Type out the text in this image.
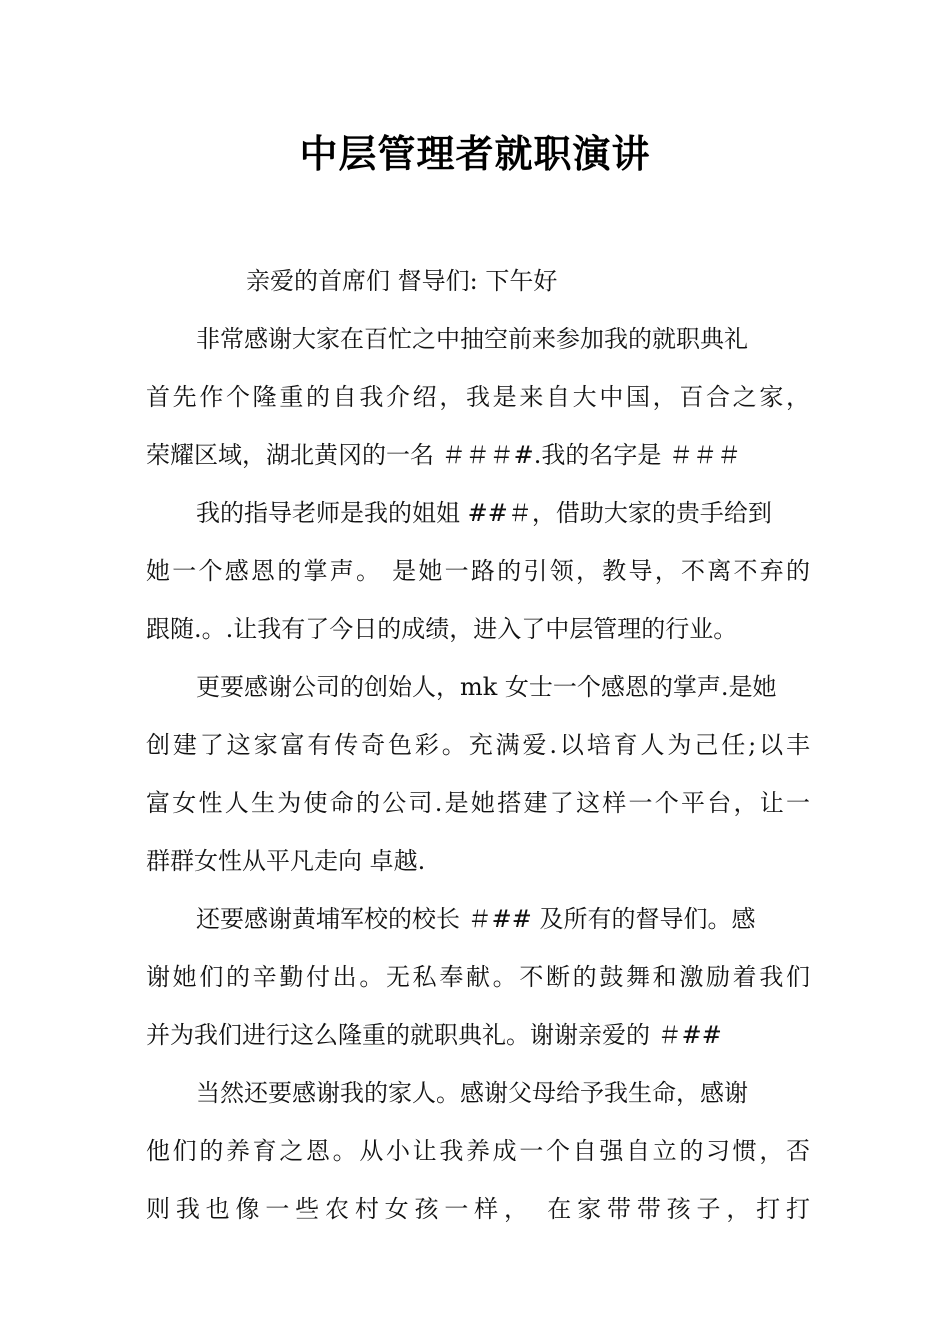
中层管理者就职演讲
亲爱的首席们 督导们: 下午好
非常感谢大家在百忙之中抽空前来参加我的就职典礼
首先作个隆重的自我介绍，我是来自大中国，百合之家，
荣耀区域，湖北黄冈的一名 ＃＃＃#.我的名字是 ＃＃＃
我的指导老师是我的姐姐 ##＃，借助大家的贵手给到
她一个感恩的掌声。 是她一路的引领，教导，不离不弃的
跟随.。.让我有了今日的成绩，进入了中层管理的行业。
更要感谢公司的创始人，mk 女士一个感恩的掌声.是她
创建了这家富有传奇色彩。充满爱.以培育人为己任;以丰
富女性人生为使命的公司.是她搭建了这样一个平台，让一
群群女性从平凡走向 卓越.
还要感谢黄埔军校的校长 ＃## 及所有的督导们。感
谢她们的辛勤付出。无私奉献。不断的鼓舞和激励着我们
并为我们进行这么隆重的就职典礼。谢谢亲爱的 ＃##
当然还要感谢我的家人。感谢父母给予我生命，感谢
他们的养育之恩。从小让我养成一个自强自立的习惯，否
则我也像一些农村女孩一样， 在家带带孩子，打打
